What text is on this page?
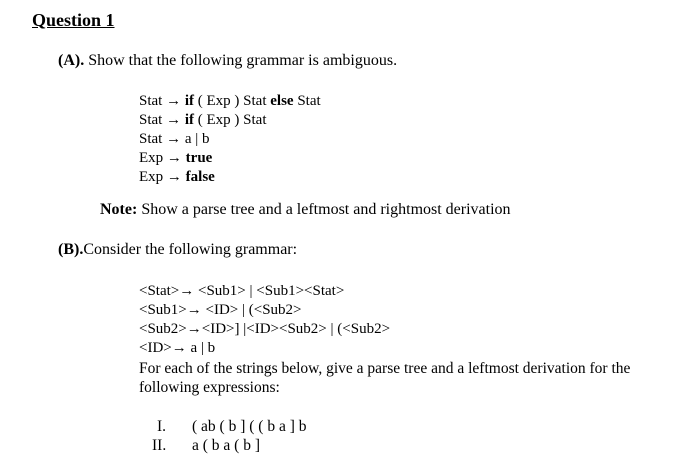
Question 1
(A). Show that the following grammar is ambiguous.
Stat → if ( Exp ) Stat else Stat
Stat → if ( Exp ) Stat
Stat → a | b
Exp → true
Exp → false
Note: Show a parse tree and a leftmost and rightmost derivation
(B).Consider the following grammar:
<Stat>→ <Sub1> | <Sub1><Stat>
<Sub1>→ <ID> | (<Sub2>
<Sub2>→<ID>] |<ID><Sub2> | (<Sub2>
<ID>→ a | b
For each of the strings below, give a parse tree and a leftmost derivation for the
following expressions:
I. ( ab ( b ] ( ( b a ] b
II. a ( b a ( b ]
